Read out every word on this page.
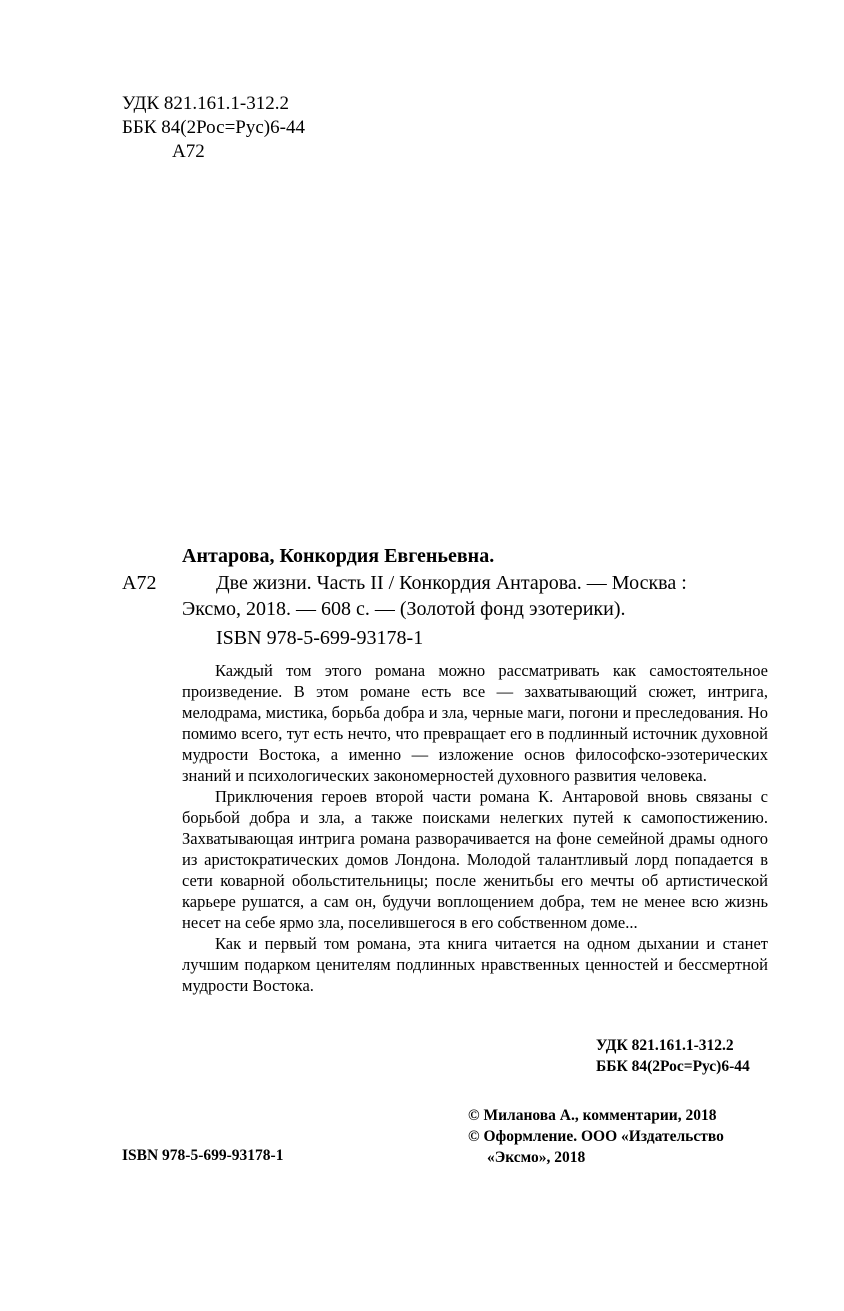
УДК 821.161.1-312.2
ББК 84(2Рос=Рус)6-44
А72
Антарова, Конкордия Евгеньевна.
А72	Две жизни. Часть II / Конкордия Антарова. — Москва :
Эксмо, 2018. — 608 с. — (Золотой фонд эзотерики).
ISBN 978-5-699-93178-1

Каждый том этого романа можно рассматривать как самостоятельное произведение. В этом романе есть все — захватывающий сюжет, интрига, мелодрама, мистика, борьба добра и зла, черные маги, погони и преследования. Но помимо всего, тут есть нечто, что превращает его в подлинный источник духовной мудрости Востока, а именно — изложение основ философско-эзотерических знаний и психологических закономерностей духовного развития человека.

Приключения героев второй части романа К. Антаровой вновь связаны с борьбой добра и зла, а также поисками нелегких путей к самопостижению. Захватывающая интрига романа разворачивается на фоне семейной драмы одного из аристократических домов Лондона. Молодой талантливый лорд попадается в сети коварной обольстительницы; после женитьбы его мечты об артистической карьере рушатся, а сам он, будучи воплощением добра, тем не менее всю жизнь несет на себе ярмо зла, поселившегося в его собственном доме...

Как и первый том романа, эта книга читается на одном дыхании и станет лучшим подарком ценителям подлинных нравственных ценностей и бессмертной мудрости Востока.

УДК 821.161.1-312.2
ББК 84(2Рос=Рус)6-44
ISBN 978-5-699-93178-1
© Миланова А., комментарии, 2018
© Оформление. ООО «Издательство
«Эксмо», 2018
